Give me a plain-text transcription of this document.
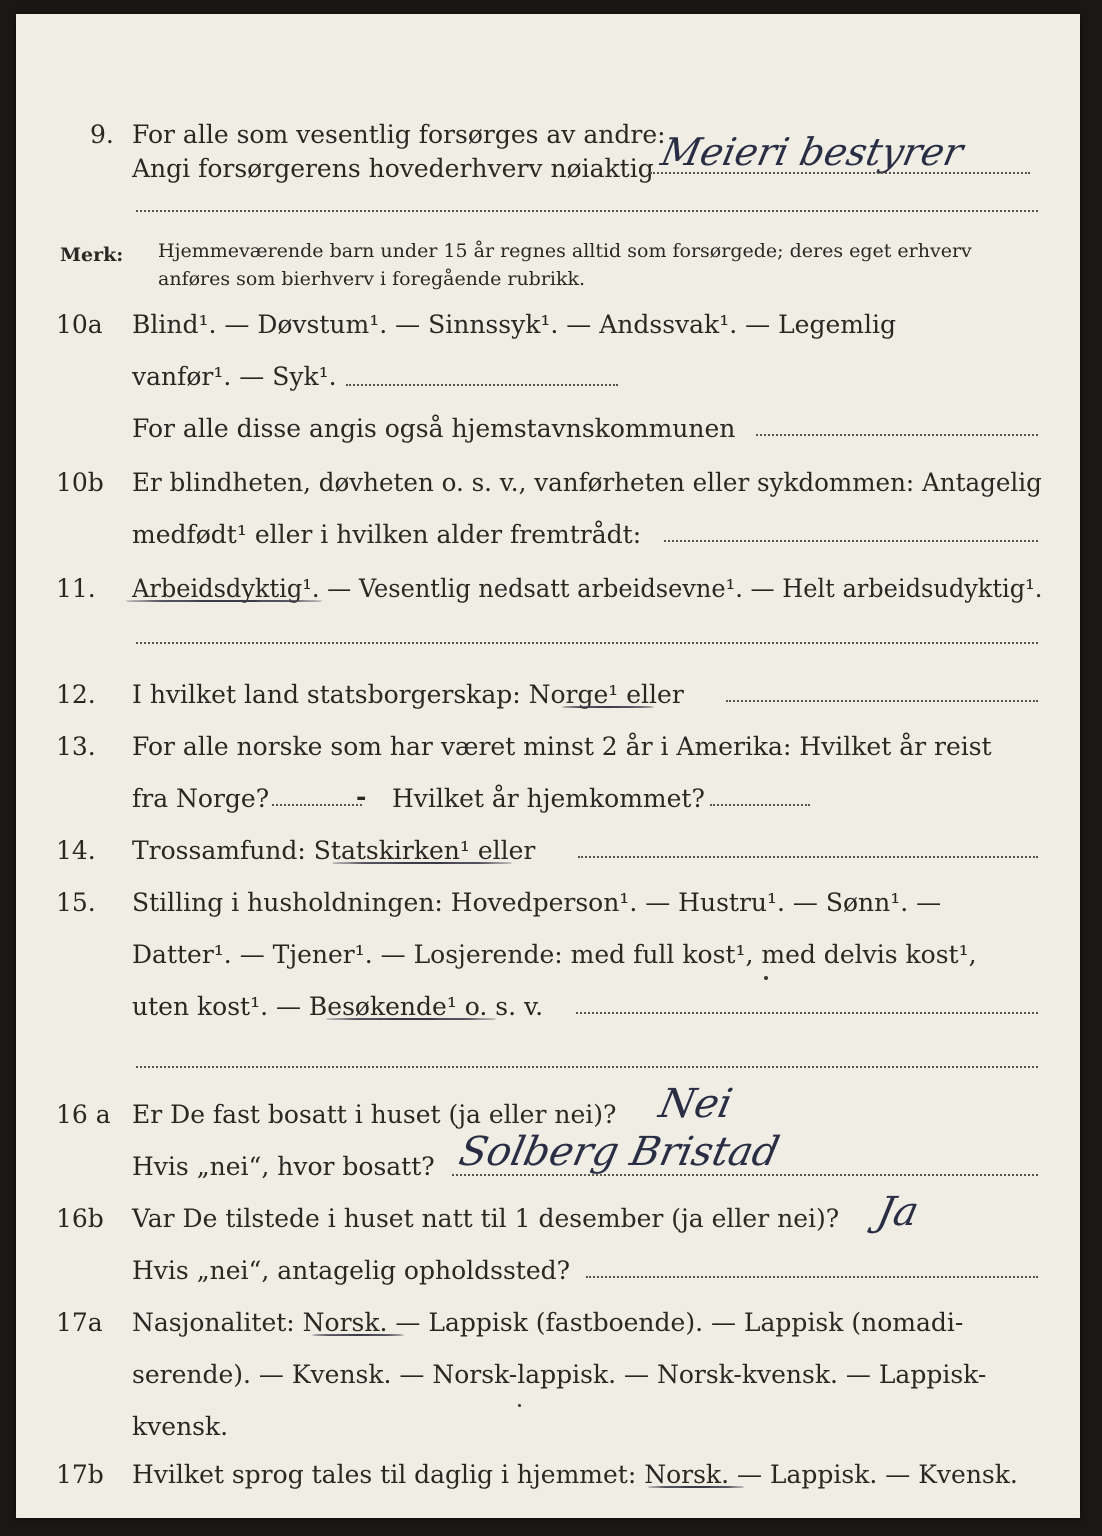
9. For alle som vesentlig forsørges av andre:
Angi forsørgerens hovederhverv nøiaktig Meieri bestyrer
Merk: Hjemmeværende barn under 15 år regnes alltid som forsørgede; deres eget erhverv
anføres som bierhverv i foregående rubrikk.
10a Blind¹. — Døvstum¹. — Sinnssyk¹. — Andssvak¹. — Legemlig
vanfør¹. — Syk¹.
For alle disse angis også hjemstavnskommunen
10b Er blindheten, døvheten o. s. v., vanførheten eller sykdommen: Antagelig
medfødt¹ eller i hvilken alder fremtrådt:
11. Arbeidsdyktig¹. — Vesentlig nedsatt arbeidsevne¹. — Helt arbeidsudyktig¹.
12. I hvilket land statsborgerskap: Norge¹ eller
13. For alle norske som har været minst 2 år i Amerika: Hvilket år reist
fra Norge?	- Hvilket år hjemkommet?
14. Trossamfund: Statskirken¹ eller
15. Stilling i husholdningen: Hovedperson¹. — Hustru¹. — Sønn¹. —
Datter¹. — Tjener¹. — Losjerende: med full kost¹, med delvis kost¹,
uten kost¹. — Besøkende¹ o. s. v.
16 a Er De fast bosatt i huset (ja eller nei)? Nei
Hvis „nei“, hvor bosatt? Solberg Bristad
16b Var De tilstede i huset natt til 1 desember (ja eller nei)? Ja
Hvis „nei“, antagelig opholdssted?
17a Nasjonalitet: Norsk. — Lappisk (fastboende). — Lappisk (nomadi-
serende). — Kvensk. — Norsk-lappisk. — Norsk-kvensk. — Lappisk-
kvensk.
17b Hvilket sprog tales til daglig i hjemmet: Norsk. — Lappisk. — Kvensk.
